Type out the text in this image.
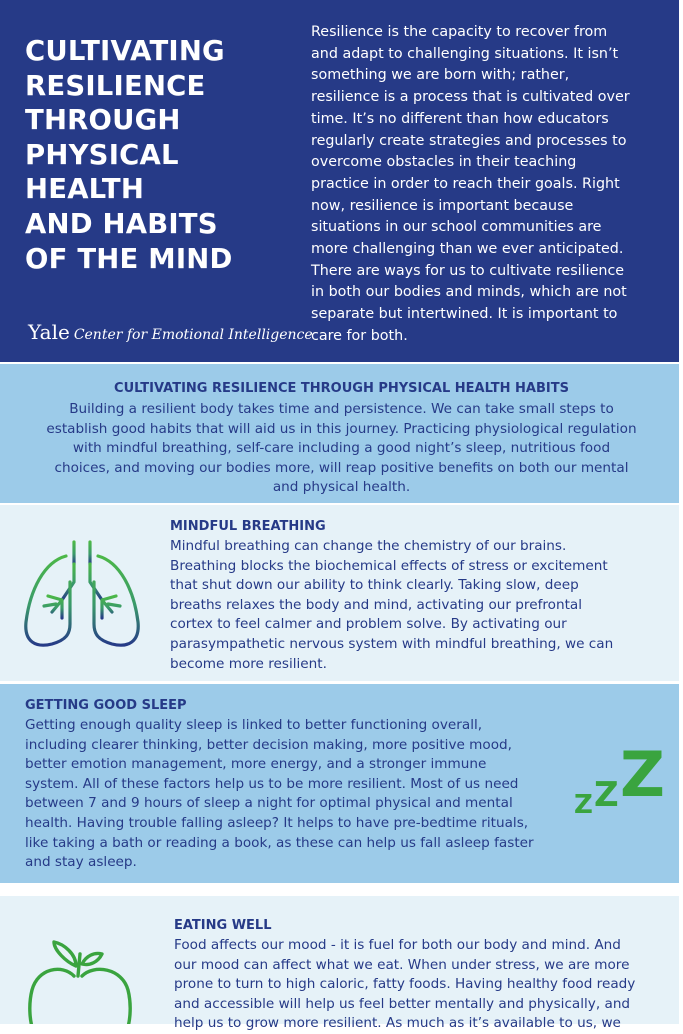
CULTIVATING
RESILIENCE
THROUGH
PHYSICAL
HEALTH
AND HABITS
OF THE MIND
Yale Center for Emotional Intelligence
Resilience is the capacity to recover from
and adapt to challenging situations. It isn’t
something we are born with; rather,
resilience is a process that is cultivated over
time. It’s no different than how educators
regularly create strategies and processes to
overcome obstacles in their teaching
practice in order to reach their goals. Right
now, resilience is important because
situations in our school communities are
more challenging than we ever anticipated.
There are ways for us to cultivate resilience
in both our bodies and minds, which are not
separate but intertwined. It is important to
care for both.
CULTIVATING RESILIENCE THROUGH PHYSICAL HEALTH HABITS
Building a resilient body takes time and persistence. We can take small steps to
establish good habits that will aid us in this journey. Practicing physiological regulation
with mindful breathing, self-care including a good night’s sleep, nutritious food
choices, and moving our bodies more, will reap positive benefits on both our mental
and physical health.
MINDFUL BREATHING
Mindful breathing can change the chemistry of our brains.
Breathing blocks the biochemical effects of stress or excitement
that shut down our ability to think clearly. Taking slow, deep
breaths relaxes the body and mind, activating our prefrontal
cortex to feel calmer and problem solve. By activating our
parasympathetic nervous system with mindful breathing, we can
become more resilient.
GETTING GOOD SLEEP
Getting enough quality sleep is linked to better functioning overall,
including clearer thinking, better decision making, more positive mood,
better emotion management, more energy, and a stronger immune
system. All of these factors help us to be more resilient. Most of us need
between 7 and 9 hours of sleep a night for optimal physical and mental
health. Having trouble falling asleep? It helps to have pre-bedtime rituals,
like taking a bath or reading a book, as these can help us fall asleep faster
and stay asleep.
Z Z Z
EATING WELL
Food affects our mood - it is fuel for both our body and mind. And
our mood can affect what we eat. When under stress, we are more
prone to turn to high caloric, fatty foods. Having healthy food ready
and accessible will help us feel better mentally and physically, and
help us to grow more resilient. As much as it’s available to us, we
